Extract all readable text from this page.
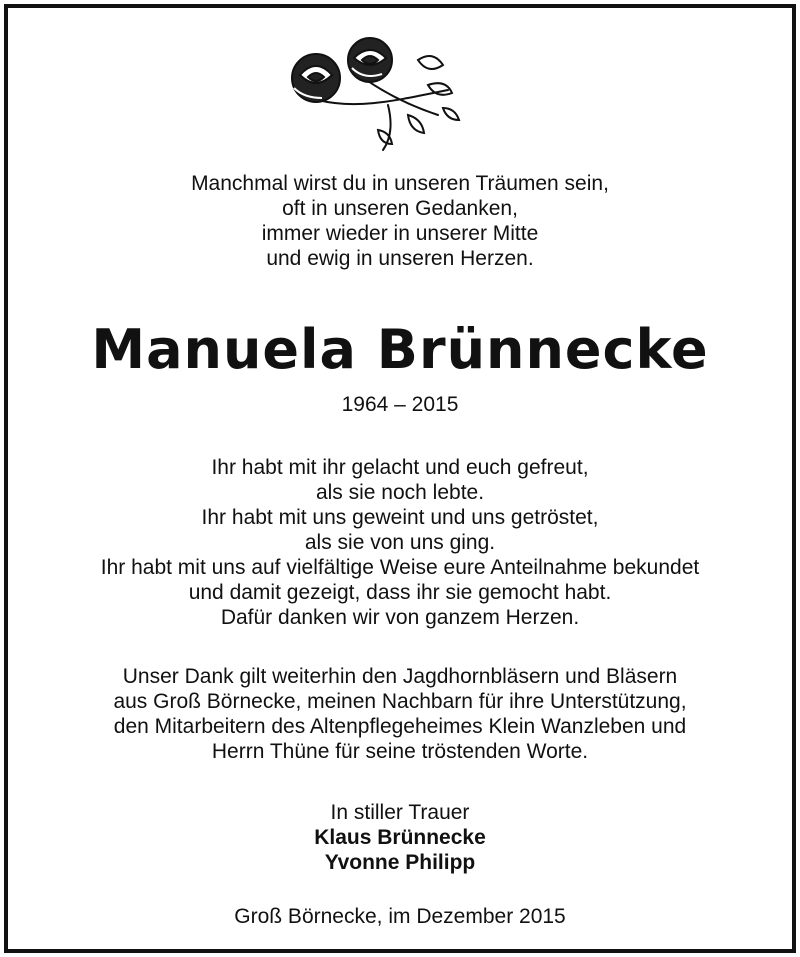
Manchmal wirst du in unseren Träumen sein,
oft in unseren Gedanken,
immer wieder in unserer Mitte
und ewig in unseren Herzen.
Manuela Brünnecke
1964 – 2015
Ihr habt mit ihr gelacht und euch gefreut,
als sie noch lebte.
Ihr habt mit uns geweint und uns getröstet,
als sie von uns ging.
Ihr habt mit uns auf vielfältige Weise eure Anteilnahme bekundet
und damit gezeigt, dass ihr sie gemocht habt.
Dafür danken wir von ganzem Herzen.
Unser Dank gilt weiterhin den Jagdhornbläsern und Bläsern
aus Groß Börnecke, meinen Nachbarn für ihre Unterstützung,
den Mitarbeitern des Altenpflegeheimes Klein Wanzleben und
Herrn Thüne für seine tröstenden Worte.
In stiller Trauer
Klaus Brünnecke
Yvonne Philipp
Groß Börnecke, im Dezember 2015
